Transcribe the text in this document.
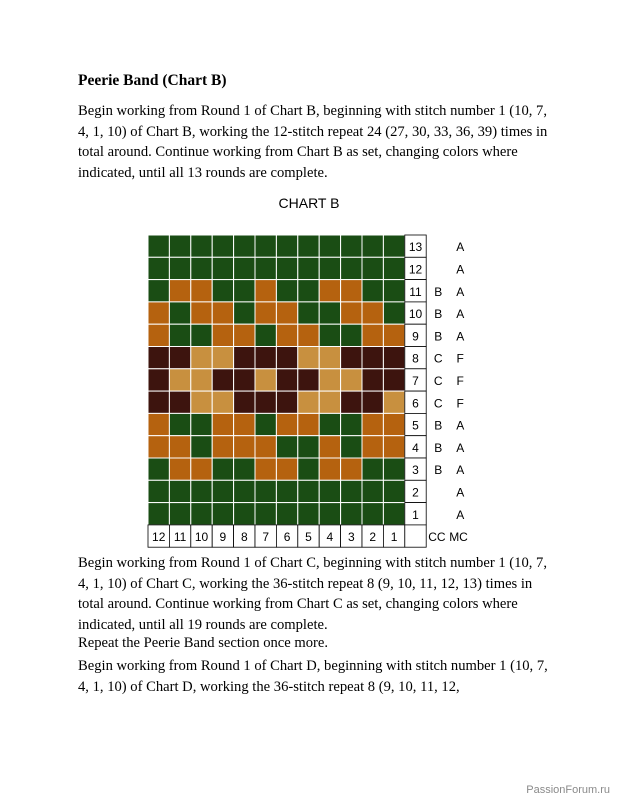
Peerie Band (Chart B)

Begin working from Round 1 of Chart B, beginning with stitch number 1 (10, 7, 4, 1, 10) of Chart B, working the 12-stitch repeat 24 (27, 30, 33, 36, 39) times in total around. Continue working from Chart B as set, changing colors where indicated, until all 13 rounds are complete.

CHART B
13	A
12	A
11 B A
10 B A
9 B A
8 C F
7 C F
6 C F
5 B A
4 B A
3 B A
2	A
1	A
12 11 10 9 8 7 6 5 4 3 2 1	CC MC

Begin working from Round 1 of Chart C, beginning with stitch number 1 (10, 7, 4, 1, 10) of Chart C, working the 36-stitch repeat 8 (9, 10, 11, 12, 13) times in total around. Continue working from Chart C as set, changing colors where indicated, until all 19 rounds are complete.

Repeat the Peerie Band section once more.

Begin working from Round 1 of Chart D, beginning with stitch number 1 (10, 7, 4, 1, 10) of Chart D, working the 36-stitch repeat 8 (9, 10, 11, 12,

PassionForum.ru
